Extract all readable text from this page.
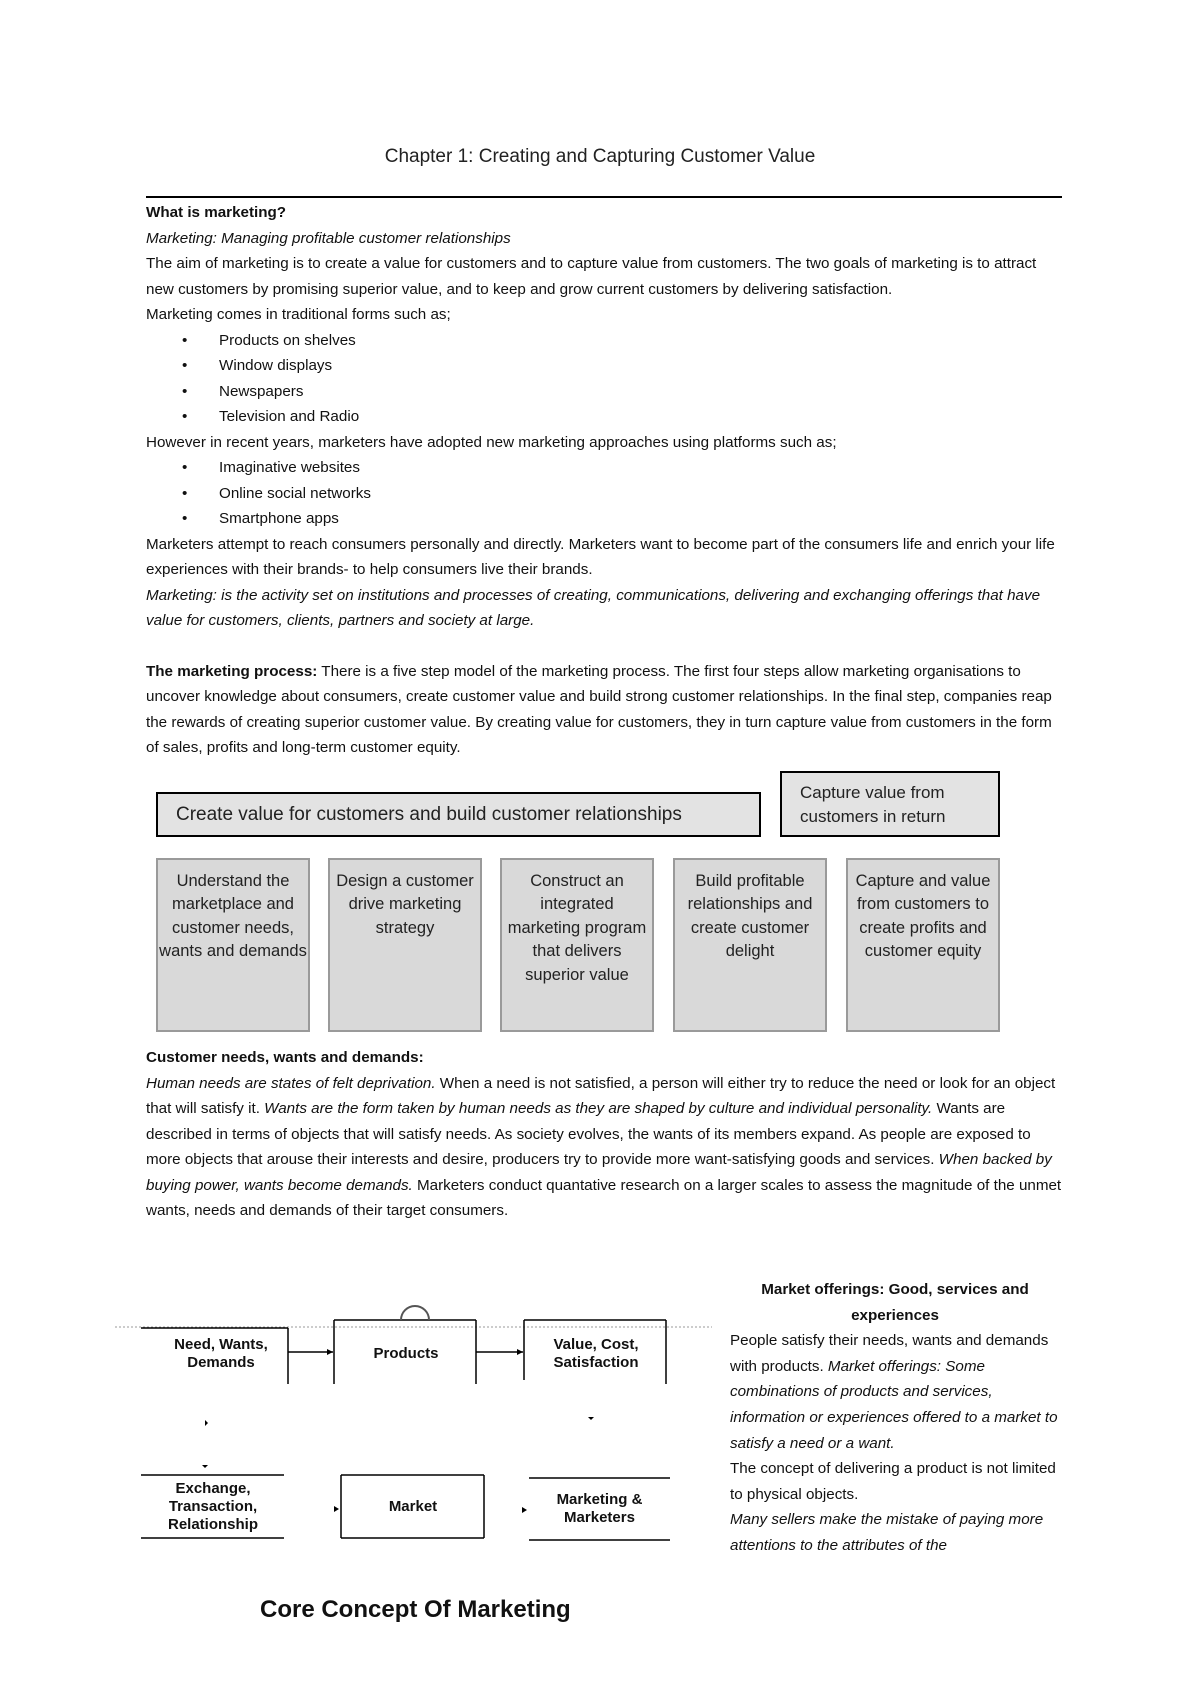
Chapter 1: Creating and Capturing Customer Value

What is marketing?

Marketing: Managing profitable customer relationships

The aim of marketing is to create a value for customers and to capture value from customers. The two goals of marketing is to attract new customers by promising superior value, and to keep and grow current customers by delivering satisfaction.

Marketing comes in traditional forms such as;

• Products on shelves
• Window displays
• Newspapers
• Television and Radio

However in recent years, marketers have adopted new marketing approaches using platforms such as;

• Imaginative websites
• Online social networks
• Smartphone apps

Marketers attempt to reach consumers personally and directly. Marketers want to become part of the consumers life and enrich your life experiences with their brands- to help consumers live their brands.

Marketing: is the activity set on institutions and processes of creating, communications, delivering and exchanging offerings that have value for customers, clients, partners and society at large.

The marketing process: There is a five step model of the marketing process. The first four steps allow marketing organisations to uncover knowledge about consumers, create customer value and build strong customer relationships. In the final step, companies reap the rewards of creating superior customer value. By creating value for customers, they in turn capture value from customers in the form of sales, profits and long-term customer equity.

Create value for customers and build customer relationships
Capture value from customers in return
Understand the marketplace and customer needs, wants and demands
Design a customer drive marketing strategy
Construct an integrated marketing program that delivers superior value
Build profitable relationships and create customer delight
Capture and value from customers to create profits and customer equity

Customer needs, wants and demands:

Human needs are states of felt deprivation. When a need is not satisfied, a person will either try to reduce the need or look for an object that will satisfy it. Wants are the form taken by human needs as they are shaped by culture and individual personality. Wants are described in terms of objects that will satisfy needs. As society evolves, the wants of its members expand. As people are exposed to more objects that arouse their interests and desire, producers try to provide more want-satisfying goods and services. When backed by buying power, wants become demands. Marketers conduct quantative research on a larger scales to assess the magnitude of the unmet wants, needs and demands of their target consumers.

Need, Wants, Demands
Products
Value, Cost, Satisfaction
Exchange, Transaction, Relationship
Market	Marketing & Marketers
Core Concept Of Marketing

Market offerings: Good, services and experiences

People satisfy their needs, wants and demands with products. Market offerings: Some combinations of products and services, information or experiences offered to a market to satisfy a need or a want.

The concept of delivering a product is not limited to physical objects.

Many sellers make the mistake of paying more attentions to the attributes of the
